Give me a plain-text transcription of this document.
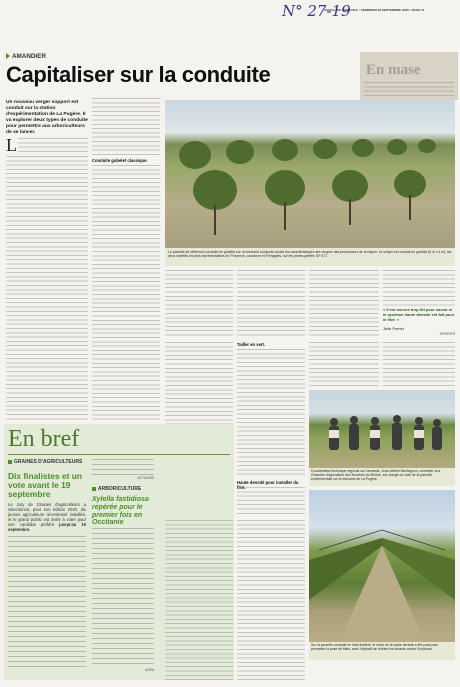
N° 27-19
VAUCLUSE AGRICOLE • VENDREDI 18 SEPTEMBRE 2020 • PAGE 11
AMANDIER
Capitaliser sur la conduite	En mase
Un nouveau verger support est conduit sur la station d'expérimentation de La Pugère. Il va explorer deux types de conduite pour permettre aux arboriculteurs de se lancer.
L
Conduite gobelet classique.
La parcelle de référence conduite en gobelet sur un bertrand comporte toutes les caractéristiques des vergers des producteurs de la région. Le verger est conduit en gobelet (6 m x 4 m), les deux variétés les plus représentatives en Provence, Lauranne et Ferragnès, sur les portes-greffes GF 677.
« Il est encore trop tôt pour savoir si le système haute densité est fait pour le filet. »
Julie Ferrier
JFERRIER
Tailler en vert.
Coordinateur technique régional sur l'amande, Jean-Michel Montagnon, conseiller à la Chambre d'agriculture des Bouches-du-Rhône, est chargé du suivi de la parcelle expérimentale sur le domaine de La Pugère.
Haute densité pour installer du filet.
Sur la parcelle conduite en haie fruitière, le choix de la haute densité a été posé pour permettre la pose de filets, avec l'objectif de réduire les intrants contre Eurytoma.
En bref
GRAINES D'AGRICULTEURS
Dix finalistes et un vote avant le 19 septembre
Le Jury de Graines d'agriculteurs a sélectionné, pour son édition 2020, dix jeunes agriculteurs récemment installés, et le grand public est invité à voter pour son candidat préféré jusqu'au 19 septembre.
ACTUAGRI
ARBORICULTURE
Xylella fastidiosa repérée pour le premier fois en Occitanie
AGRA
